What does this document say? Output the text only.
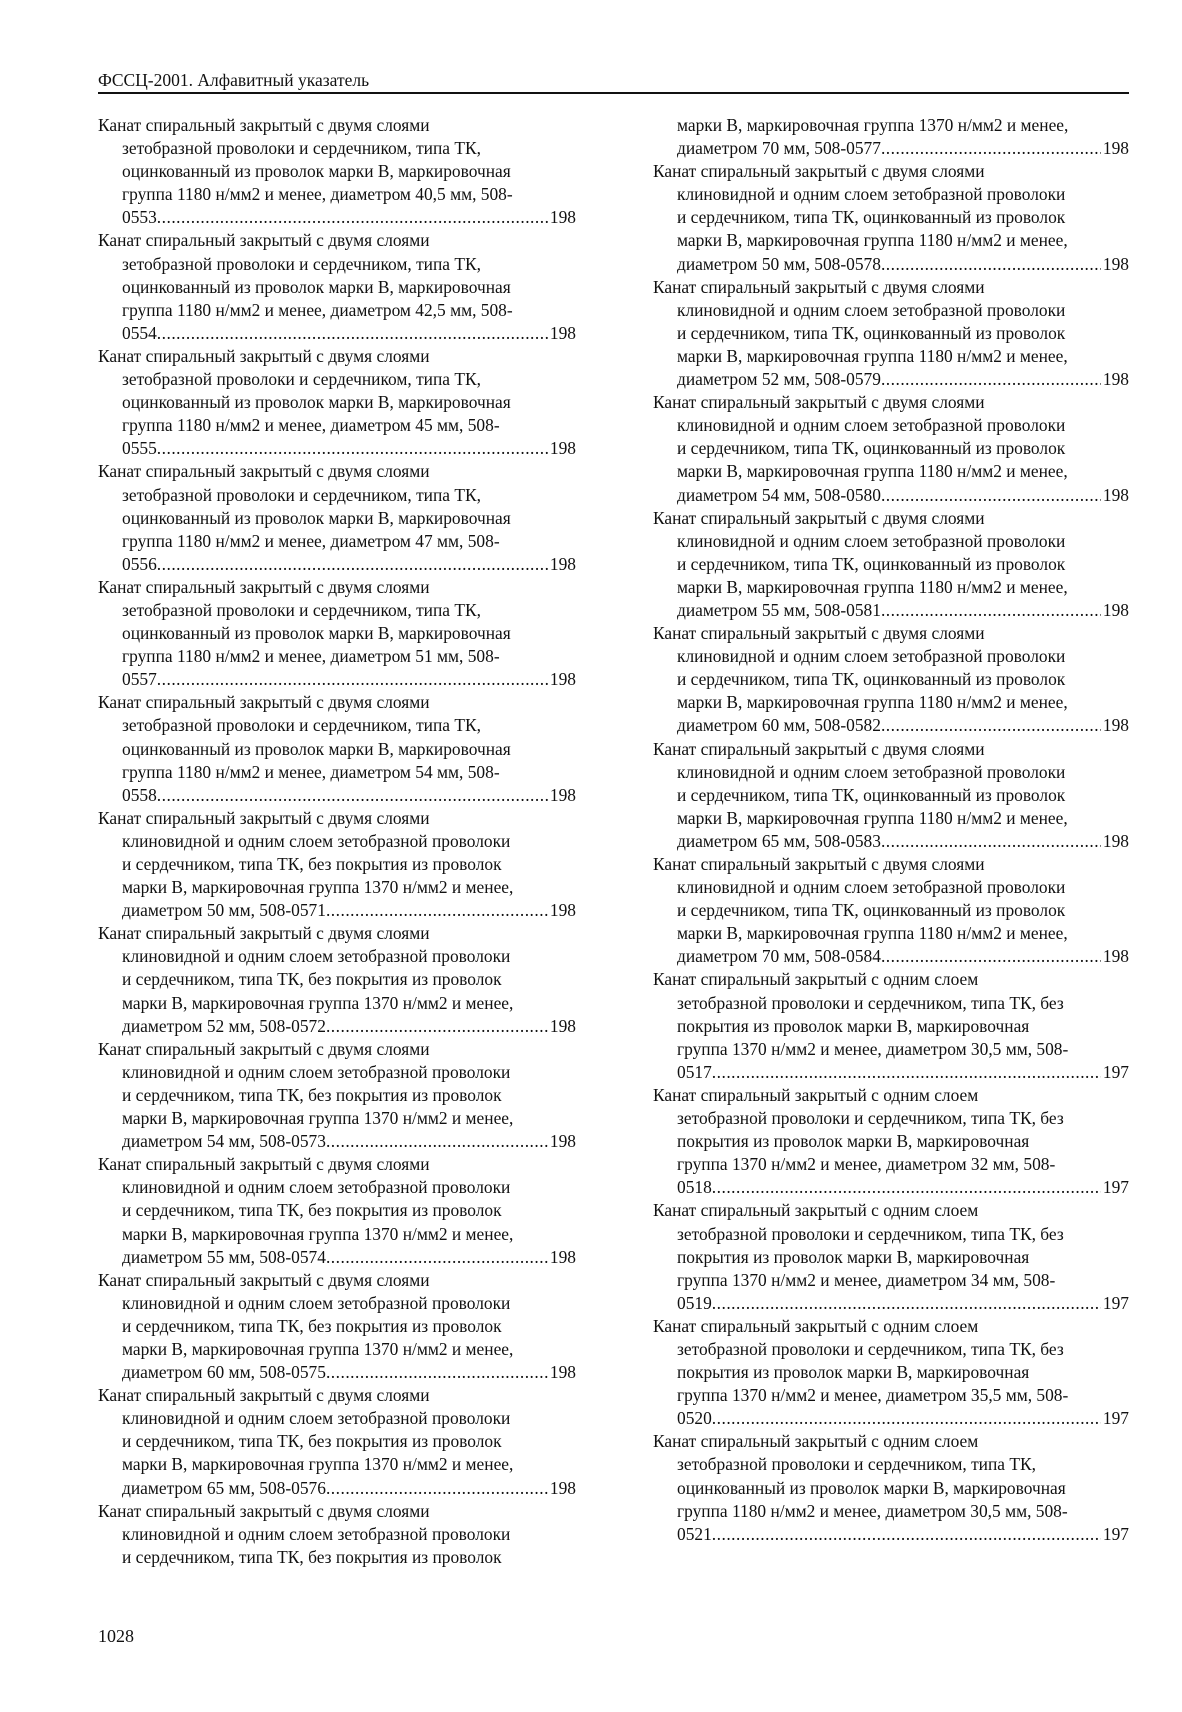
ФССЦ-2001. Алфавитный указатель
Канат спиральный закрытый с двумя слоями
зетобразной проволоки и сердечником, типа ТК,
оцинкованный из проволок марки В, маркировочная
группа 1180 н/мм2 и менее, диаметром 40,5 мм, 508-
0553 .....	198
Канат спиральный закрытый с двумя слоями
зетобразной проволоки и сердечником, типа ТК,
оцинкованный из проволок марки В, маркировочная
группа 1180 н/мм2 и менее, диаметром 42,5 мм, 508-
0554 .....	198
Канат спиральный закрытый с двумя слоями
зетобразной проволоки и сердечником, типа ТК,
оцинкованный из проволок марки В, маркировочная
группа 1180 н/мм2 и менее, диаметром 45 мм, 508-
0555 .....	198
Канат спиральный закрытый с двумя слоями
зетобразной проволоки и сердечником, типа ТК,
оцинкованный из проволок марки В, маркировочная
группа 1180 н/мм2 и менее, диаметром 47 мм, 508-
0556 .....	198
Канат спиральный закрытый с двумя слоями
зетобразной проволоки и сердечником, типа ТК,
оцинкованный из проволок марки В, маркировочная
группа 1180 н/мм2 и менее, диаметром 51 мм, 508-
0557 .....	198
Канат спиральный закрытый с двумя слоями
зетобразной проволоки и сердечником, типа ТК,
оцинкованный из проволок марки В, маркировочная
группа 1180 н/мм2 и менее, диаметром 54 мм, 508-
0558 .....	198
Канат спиральный закрытый с двумя слоями
клиновидной и одним слоем зетобразной проволоки
и сердечником, типа ТК, без покрытия из проволок
марки В, маркировочная группа 1370 н/мм2 и менее,
диаметром 50 мм, 508-0571 .....	198
Канат спиральный закрытый с двумя слоями
клиновидной и одним слоем зетобразной проволоки
и сердечником, типа ТК, без покрытия из проволок
марки В, маркировочная группа 1370 н/мм2 и менее,
диаметром 52 мм, 508-0572 .....	198
Канат спиральный закрытый с двумя слоями
клиновидной и одним слоем зетобразной проволоки
и сердечником, типа ТК, без покрытия из проволок
марки В, маркировочная группа 1370 н/мм2 и менее,
диаметром 54 мм, 508-0573 .....	198
Канат спиральный закрытый с двумя слоями
клиновидной и одним слоем зетобразной проволоки
и сердечником, типа ТК, без покрытия из проволок
марки В, маркировочная группа 1370 н/мм2 и менее,
диаметром 55 мм, 508-0574 .....	198
Канат спиральный закрытый с двумя слоями
клиновидной и одним слоем зетобразной проволоки
и сердечником, типа ТК, без покрытия из проволок
марки В, маркировочная группа 1370 н/мм2 и менее,
диаметром 60 мм, 508-0575 .....	198
Канат спиральный закрытый с двумя слоями
клиновидной и одним слоем зетобразной проволоки
и сердечником, типа ТК, без покрытия из проволок
марки В, маркировочная группа 1370 н/мм2 и менее,
диаметром 65 мм, 508-0576 .....	198
Канат спиральный закрытый с двумя слоями
клиновидной и одним слоем зетобразной проволоки
и сердечником, типа ТК, без покрытия из проволок
марки В, маркировочная группа 1370 н/мм2 и менее,
диаметром 70 мм, 508-0577 .....	198
Канат спиральный закрытый с двумя слоями
клиновидной и одним слоем зетобразной проволоки
и сердечником, типа ТК, оцинкованный из проволок
марки В, маркировочная группа 1180 н/мм2 и менее,
диаметром 50 мм, 508-0578 .....	198
Канат спиральный закрытый с двумя слоями
клиновидной и одним слоем зетобразной проволоки
и сердечником, типа ТК, оцинкованный из проволок
марки В, маркировочная группа 1180 н/мм2 и менее,
диаметром 52 мм, 508-0579 .....	198
Канат спиральный закрытый с двумя слоями
клиновидной и одним слоем зетобразной проволоки
и сердечником, типа ТК, оцинкованный из проволок
марки В, маркировочная группа 1180 н/мм2 и менее,
диаметром 54 мм, 508-0580 .....	198
Канат спиральный закрытый с двумя слоями
клиновидной и одним слоем зетобразной проволоки
и сердечником, типа ТК, оцинкованный из проволок
марки В, маркировочная группа 1180 н/мм2 и менее,
диаметром 55 мм, 508-0581 .....	198
Канат спиральный закрытый с двумя слоями
клиновидной и одним слоем зетобразной проволоки
и сердечником, типа ТК, оцинкованный из проволок
марки В, маркировочная группа 1180 н/мм2 и менее,
диаметром 60 мм, 508-0582 .....	198
Канат спиральный закрытый с двумя слоями
клиновидной и одним слоем зетобразной проволоки
и сердечником, типа ТК, оцинкованный из проволок
марки В, маркировочная группа 1180 н/мм2 и менее,
диаметром 65 мм, 508-0583 .....	198
Канат спиральный закрытый с двумя слоями
клиновидной и одним слоем зетобразной проволоки
и сердечником, типа ТК, оцинкованный из проволок
марки В, маркировочная группа 1180 н/мм2 и менее,
диаметром 70 мм, 508-0584 .....	198
Канат спиральный закрытый с одним слоем
зетобразной проволоки и сердечником, типа ТК, без
покрытия из проволок марки В, маркировочная
группа 1370 н/мм2 и менее, диаметром 30,5 мм, 508-
0517 .....	197
Канат спиральный закрытый с одним слоем
зетобразной проволоки и сердечником, типа ТК, без
покрытия из проволок марки В, маркировочная
группа 1370 н/мм2 и менее, диаметром 32 мм, 508-
0518 .....	197
Канат спиральный закрытый с одним слоем
зетобразной проволоки и сердечником, типа ТК, без
покрытия из проволок марки В, маркировочная
группа 1370 н/мм2 и менее, диаметром 34 мм, 508-
0519 .....	197
Канат спиральный закрытый с одним слоем
зетобразной проволоки и сердечником, типа ТК, без
покрытия из проволок марки В, маркировочная
группа 1370 н/мм2 и менее, диаметром 35,5 мм, 508-
0520 .....	197
Канат спиральный закрытый с одним слоем
зетобразной проволоки и сердечником, типа ТК,
оцинкованный из проволок марки В, маркировочная
группа 1180 н/мм2 и менее, диаметром 30,5 мм, 508-
0521 .....	197
1028
